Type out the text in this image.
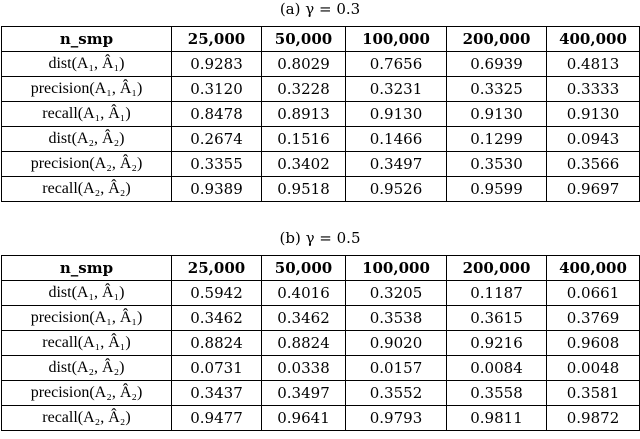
(a) γ = 0.3
n_smp	25,000	50,000	100,000	200,000	400,000
dist(A₁, Â₁)	0.9283	0.8029	0.7656	0.6939	0.4813
precision(A₁, Â₁)	0.3120	0.3228	0.3231	0.3325	0.3333
recall(A₁, Â₁)	0.8478	0.8913	0.9130	0.9130	0.9130
dist(A₂, Â₂)	0.2674	0.1516	0.1466	0.1299	0.0943
precision(A₂, Â₂)	0.3355	0.3402	0.3497	0.3530	0.3566
recall(A₂, Â₂)	0.9389	0.9518	0.9526	0.9599	0.9697
(b) γ = 0.5
n_smp	25,000	50,000	100,000	200,000	400,000
dist(A₁, Â₁)	0.5942	0.4016	0.3205	0.1187	0.0661
precision(A₁, Â₁)	0.3462	0.3462	0.3538	0.3615	0.3769
recall(A₁, Â₁)	0.8824	0.8824	0.9020	0.9216	0.9608
dist(A₂, Â₂)	0.0731	0.0338	0.0157	0.0084	0.0048
precision(A₂, Â₂)	0.3437	0.3497	0.3552	0.3558	0.3581
recall(A₂, Â₂)	0.9477	0.9641	0.9793	0.9811	0.9872
